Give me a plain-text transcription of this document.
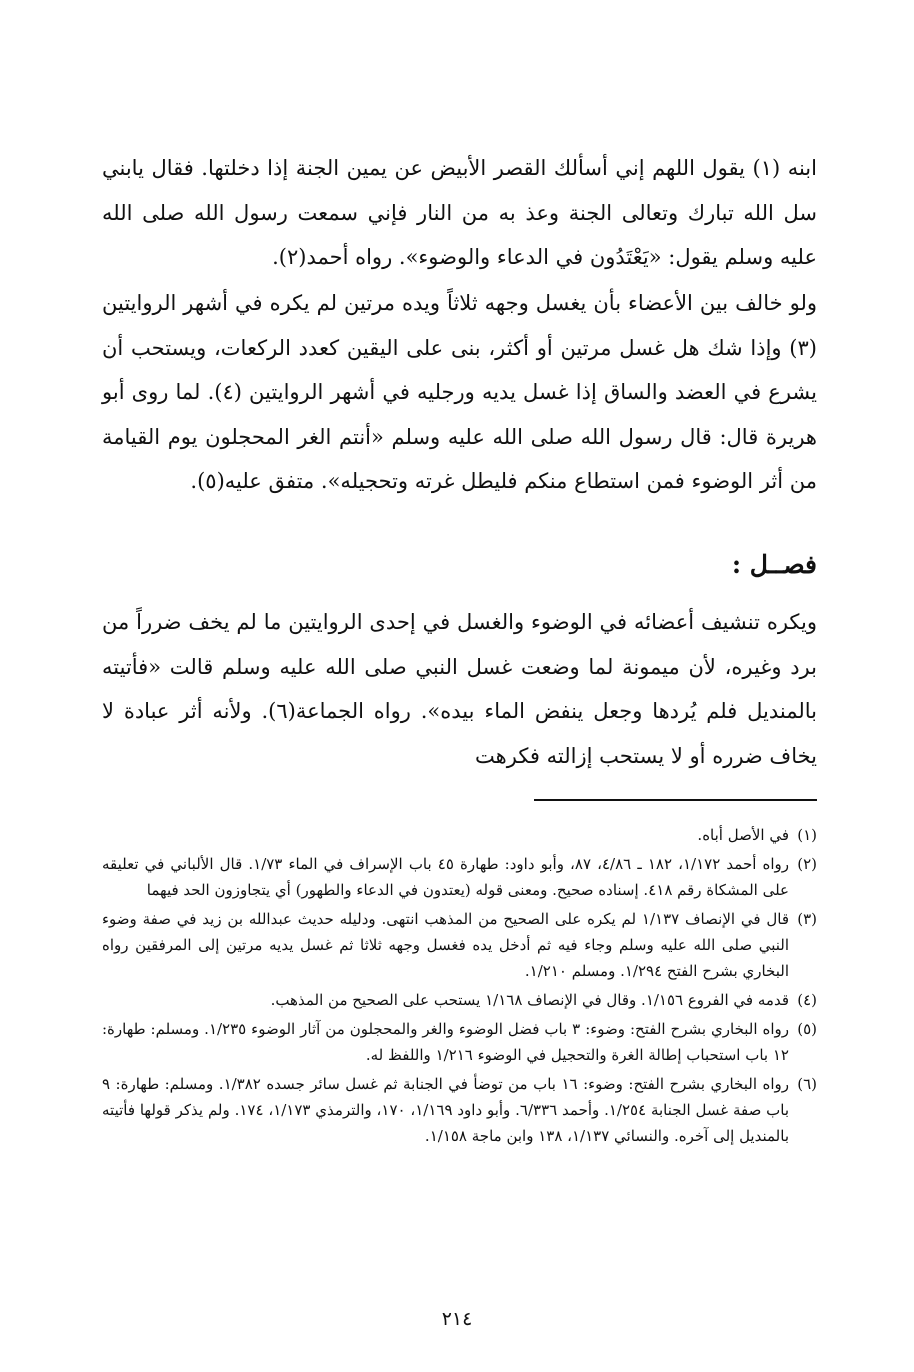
ابنه (١) يقول اللهم إني أسألك القصر الأبيض عن يمين الجنة إذا دخلتها. فقال يابني سل الله تبارك وتعالى الجنة وعذ به من النار فإني سمعت رسول الله صلى الله عليه وسلم يقول: «يَعْتَدُون في الدعاء والوضوء». رواه أحمد(٢).

ولو خالف بين الأعضاء بأن يغسل وجهه ثلاثاً ويده مرتين لم يكره في أشهر الروايتين (٣) وإذا شك هل غسل مرتين أو أكثر، بنى على اليقين كعدد الركعات، ويستحب أن يشرع في العضد والساق إذا غسل يديه ورجليه في أشهر الروايتين (٤). لما روى أبو هريرة قال: قال رسول الله صلى الله عليه وسلم «أنتم الغر المحجلون يوم القيامة من أثر الوضوء فمن استطاع منكم فليطل غرته وتحجيله». متفق عليه(٥).

فصــل :

ويكره تنشيف أعضائه في الوضوء والغسل في إحدى الروايتين ما لم يخف ضرراً من برد وغيره، لأن ميمونة لما وضعت غسل النبي صلى الله عليه وسلم قالت «فأتيته بالمنديل فلم يُردها وجعل ينفض الماء بيده». رواه الجماعة(٦). ولأنه أثر عبادة لا يخاف ضرره أو لا يستحب إزالته فكرهت

(١)
في الأصل أباه.
(٢)
رواه أحمد ١/١٧٢، ١٨٢ ـ ٤/٨٦، ٨٧، وأبو داود: طهارة ٤٥ باب الإسراف في الماء ١/٧٣. قال الألباني في تعليقه على المشكاة رقم ٤١٨. إسناده صحيح. ومعنى قوله (يعتدون في الدعاء والطهور) أي يتجاوزون الحد فيهما
(٣)
قال في الإنصاف ١/١٣٧ لم يكره على الصحيح من المذهب انتهى. ودليله حديث عبدالله بن زيد في صفة وضوء النبي صلى الله عليه وسلم وجاء فيه ثم أدخل يده فغسل وجهه ثلاثا ثم غسل يديه مرتين إلى المرفقين رواه البخاري بشرح الفتح ١/٢٩٤. ومسلم ١/٢١٠.
(٤)
قدمه في الفروع ١/١٥٦. وقال في الإنصاف ١/١٦٨ يستحب على الصحيح من المذهب.
(٥)
رواه البخاري بشرح الفتح: وضوء: ٣ باب فضل الوضوء والغر والمحجلون من آثار الوضوء ١/٢٣٥. ومسلم: طهارة: ١٢ باب استحباب إطالة الغرة والتحجيل في الوضوء ١/٢١٦ واللفظ له.
(٦)
رواه البخاري بشرح الفتح: وضوء: ١٦ باب من توضأ في الجنابة ثم غسل سائر جسده ١/٣٨٢. ومسلم: طهارة: ٩ باب صفة غسل الجنابة ١/٢٥٤. وأحمد ٦/٣٣٦. وأبو داود ١/١٦٩، ١٧٠، والترمذي ١/١٧٣، ١٧٤. ولم يذكر قولها فأتيته بالمنديل إلى آخره. والنسائي ١/١٣٧، ١٣٨ وابن ماجة ١/١٥٨.
٢١٤
